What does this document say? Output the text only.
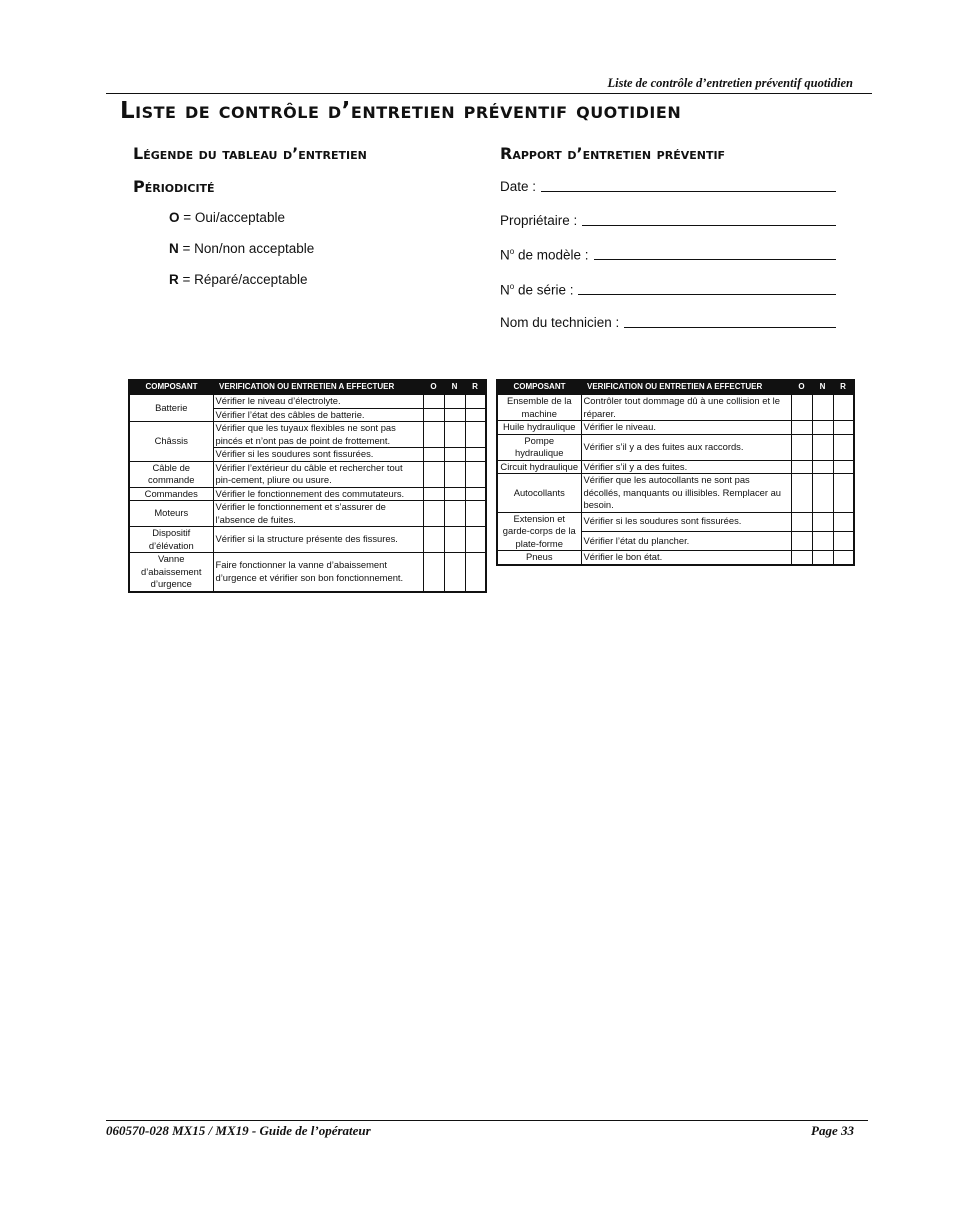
Liste de contrôle d’entretien préventif quotidien
Liste de contrôle d’entretien préventif quotidien
Légende du tableau d’entretien
Périodicité
O = Oui/acceptable
N = Non/non acceptable
R = Réparé/acceptable
Rapport d’entretien préventif
Date :
Propriétaire :
$N^o$ de modèle :
$N^o$ de série :
Nom du technicien :
COMPOSANT	VERIFICATION OU ENTRETIEN A EFFECTUER	O	N	R
Batterie	Vérifier le niveau d’électrolyte.			
	Vérifier l’état des câbles de batterie.			
Châssis	Vérifier que les tuyaux flexibles ne sont pas pincés et n’ont pas de point de frottement.			
	Vérifier si les soudures sont fissurées.			
Câble de commande	Vérifier l’extérieur du câble et rechercher tout pin-cement, pliure ou usure.			
Commandes	Vérifier le fonctionnement des commutateurs.			
Moteurs	Vérifier le fonctionnement et s’assurer de l’absence de fuites.			
Dispositif d’élévation	Vérifier si la structure présente des fissures.			
Vanne d’abaissement d’urgence	Faire fonctionner la vanne d’abaissement d’urgence et vérifier son bon fonctionnement.			
COMPOSANT	VERIFICATION OU ENTRETIEN A EFFECTUER	O	N	R
Ensemble de la machine	Contrôler tout dommage dû à une collision et le réparer.			
Huile hydraulique	Vérifier le niveau.			
Pompe hydraulique	Vérifier s’il y a des fuites aux raccords.			
Circuit hydraulique	Vérifier s’il y a des fuites.			
Autocollants	Vérifier que les autocollants ne sont pas décollés, manquants ou illisibles. Remplacer au besoin.			
Extension et garde-corps de la plate-forme	Vérifier si les soudures sont fissurées.			
	Vérifier l’état du plancher.			
Pneus	Vérifier le bon état.			
060570-028 MX15 / MX19 - Guide de l’opérateur	Page 33
